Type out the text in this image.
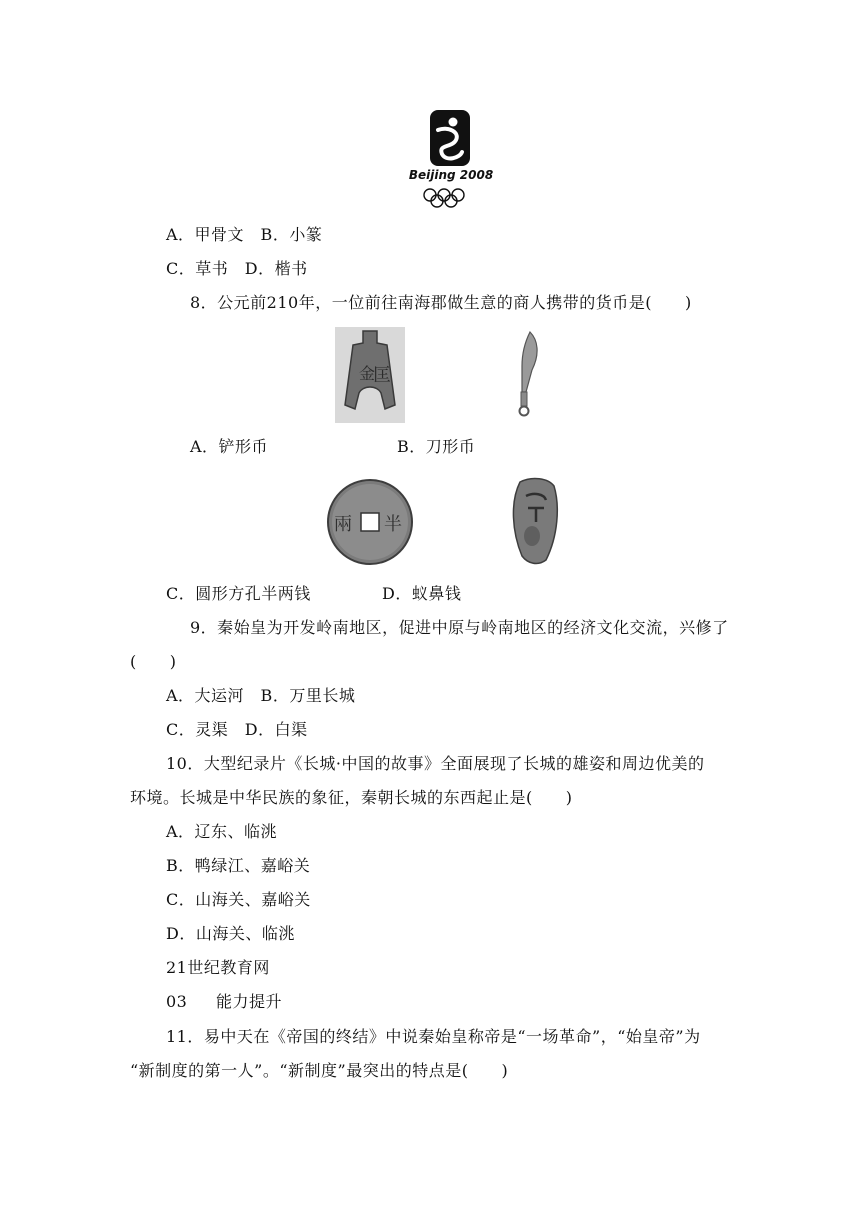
Beijing 2008
A．甲骨文　B．小篆
C．草书　D．楷书
8．公元前210年，一位前往南海郡做生意的商人携带的货币是(　　)
金
匡
A．铲形币	B．刀形币
兩 半
C．圆形方孔半两钱	D．蚁鼻钱
9．秦始皇为开发岭南地区，促进中原与岭南地区的经济文化交流，兴修了
(　　)
A．大运河　B．万里长城
C．灵渠　D．白渠
10．大型纪录片《长城·中国的故事》全面展现了长城的雄姿和周边优美的
环境。长城是中华民族的象征，秦朝长城的东西起止是(　　)
A．辽东、临洮
B．鸭绿江、嘉峪关
C．山海关、嘉峪关
D．山海关、临洮
21世纪教育网
03 能力提升
11．易中天在《帝国的终结》中说秦始皇称帝是“一场革命”，“始皇帝”为
“新制度的第一人”。“新制度”最突出的特点是(　　)
